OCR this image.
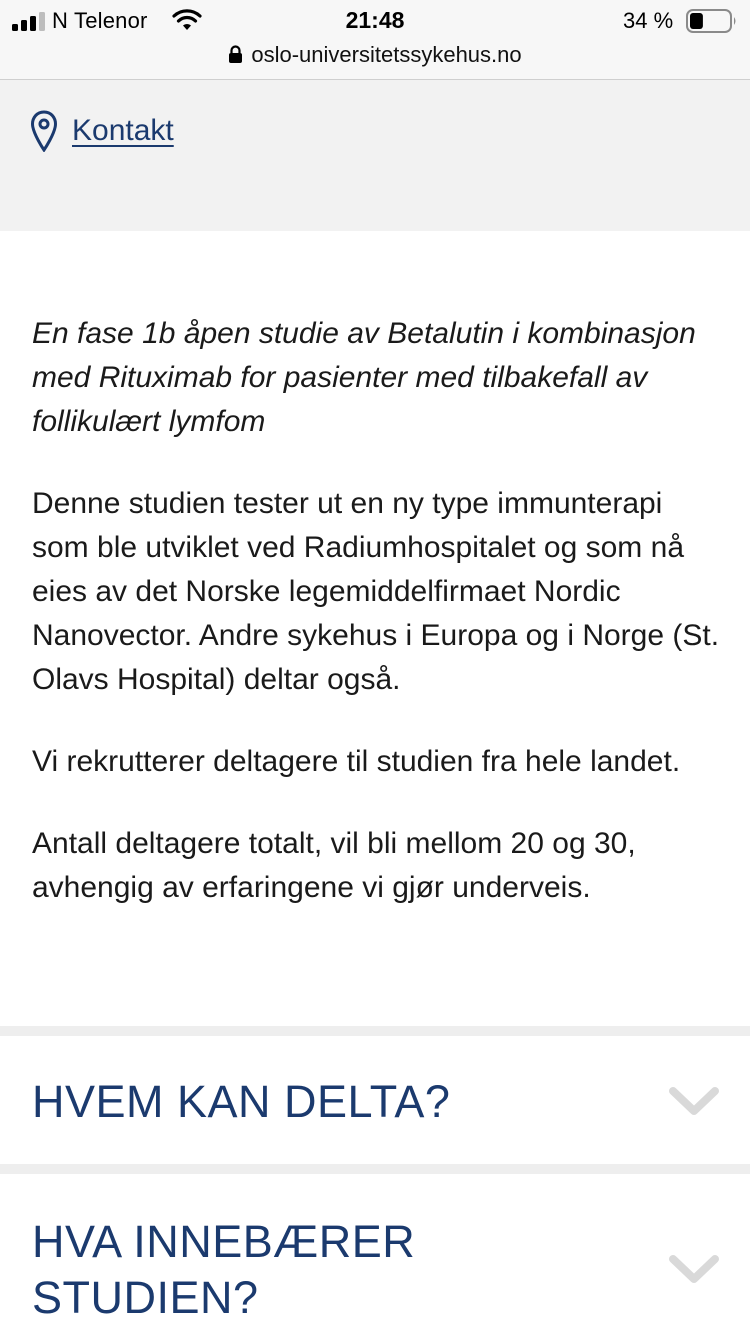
N Telenor	21:48	34 %
oslo-universitetssykehus.no
Kontakt

En fase 1b åpen studie av Betalutin i kombinasjon med Rituximab for pasienter med tilbakefall av follikulært lymfom

Denne studien tester ut en ny type immunterapi som ble utviklet ved Radiumhospitalet og som nå eies av det Norske legemiddelfirmaet Nordic Nanovector. Andre sykehus i Europa og i Norge (St. Olavs Hospital) deltar også.

Vi rekrutterer deltagere til studien fra hele landet.

Antall deltagere totalt, vil bli mellom 20 og 30, avhengig av erfaringene vi gjør underveis.

HVEM KAN DELTA?
HVA INNEBÆRER STUDIEN?
